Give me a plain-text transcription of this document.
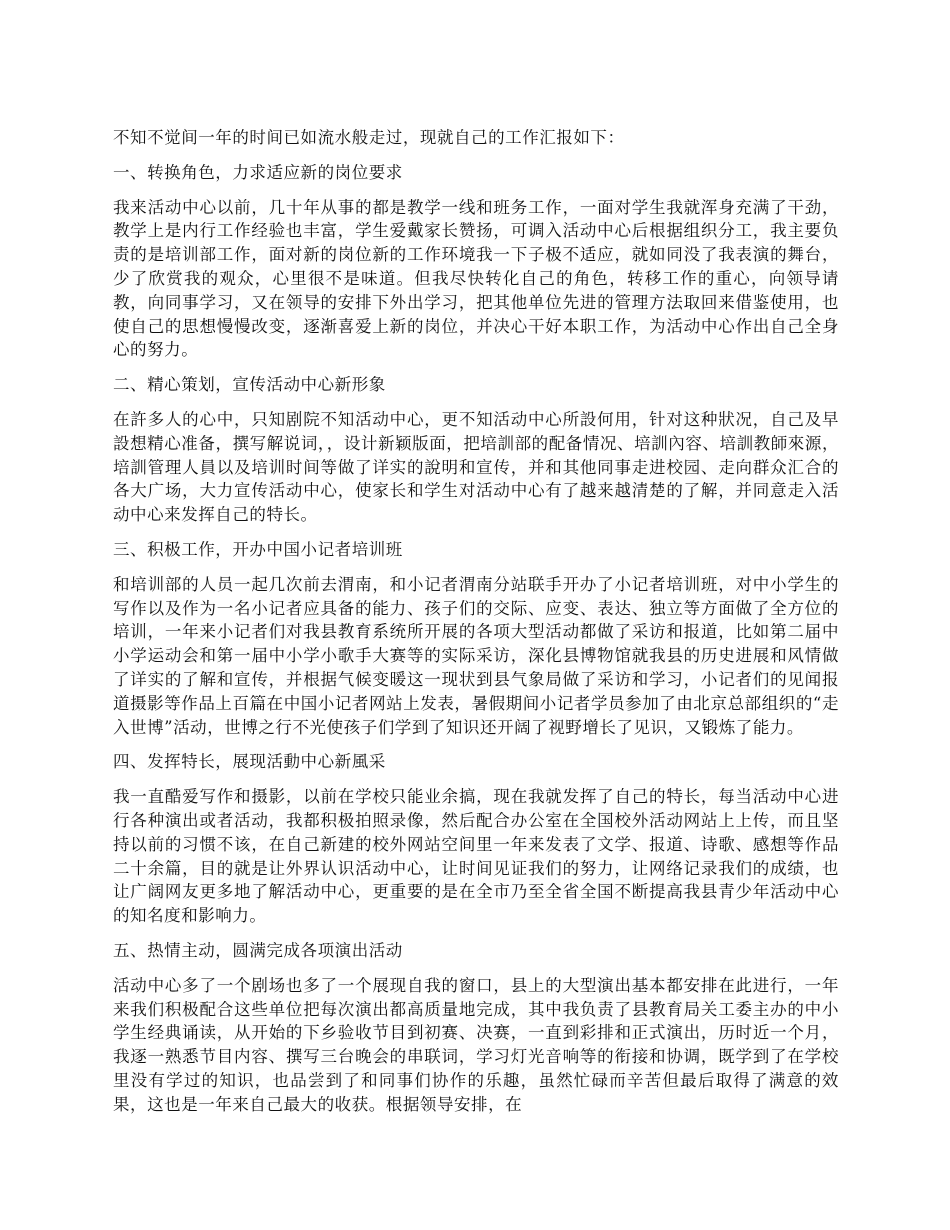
不知不觉间一年的时间已如流水般走过，现就自己的工作汇报如下：

一、转换角色，力求适应新的岗位要求

我来活动中心以前，几十年从事的都是教学一线和班务工作，一面对学生我就浑身充满了干劲，教学上是内行工作经验也丰富，学生爱戴家长赞扬，可调入活动中心后根据组织分工，我主要负责的是培训部工作，面对新的岗位新的工作环境我一下子极不适应，就如同没了我表演的舞台，少了欣赏我的观众，心里很不是味道。但我尽快转化自己的角色，转移工作的重心，向领导请教，向同事学习，又在领导的安排下外出学习，把其他单位先进的管理方法取回来借鉴使用，也使自己的思想慢慢改变，逐渐喜爱上新的岗位，并决心干好本职工作，为活动中心作出自己全身心的努力。

二、精心策划，宣传活动中心新形象

在許多人的心中，只知剧院不知活动中心，更不知活动中心所設何用，针对这种狀况，自己及早設想精心准备，撰写解说词，，设计新颖版面，把培訓部的配备情况、培訓內容、培訓教師來源，培訓管理人員以及培训时间等做了详实的說明和宣传，并和其他同事走进校园、走向群众汇合的各大广场，大力宣传活动中心，使家长和学生对活动中心有了越来越清楚的了解，并同意走入活动中心来发挥自己的特长。

三、积极工作，开办中国小记者培训班

和培训部的人员一起几次前去渭南，和小记者渭南分站联手开办了小记者培训班，对中小学生的写作以及作为一名小记者应具备的能力、孩子们的交际、应变、表达、独立等方面做了全方位的培训，一年来小记者们对我县教育系统所开展的各项大型活动都做了采访和报道，比如第二届中小学运动会和第一届中小学小歌手大赛等的实际采访，深化县博物馆就我县的历史进展和风情做了详实的了解和宣传，并根据气候变暖这一现状到县气象局做了采访和学习，小记者们的见闻报道摄影等作品上百篇在中国小记者网站上发表，暑假期间小记者学员参加了由北京总部组织的“走入世博”活动，世博之行不光使孩子们学到了知识还开阔了视野增长了见识，又锻炼了能力。

四、发挥特长，展现活動中心新風采

我一直酷爱写作和摄影，以前在学校只能业余搞，现在我就发挥了自己的特长，每当活动中心进行各种演出或者活动，我都积极拍照录像，然后配合办公室在全国校外活动网站上上传，而且坚持以前的习惯不该，在自己新建的校外网站空间里一年来发表了文学、报道、诗歌、感想等作品二十余篇，目的就是让外界认识活动中心，让时间见证我们的努力，让网络记录我们的成绩，也让广阔网友更多地了解活动中心，更重要的是在全市乃至全省全国不断提高我县青少年活动中心的知名度和影响力。

五、热情主动，圆满完成各项演出活动

活动中心多了一个剧场也多了一个展现自我的窗口，县上的大型演出基本都安排在此进行，一年来我们积极配合这些单位把每次演出都高质量地完成，其中我负责了县教育局关工委主办的中小学生经典诵读，从开始的下乡验收节目到初赛、决赛，一直到彩排和正式演出，历时近一个月，我逐一熟悉节目内容、撰写三台晚会的串联词，学习灯光音响等的衔接和协调，既学到了在学校里没有学过的知识，也品尝到了和同事们协作的乐趣，虽然忙碌而辛苦但最后取得了满意的效果，这也是一年来自己最大的收获。根据领导安排，在
